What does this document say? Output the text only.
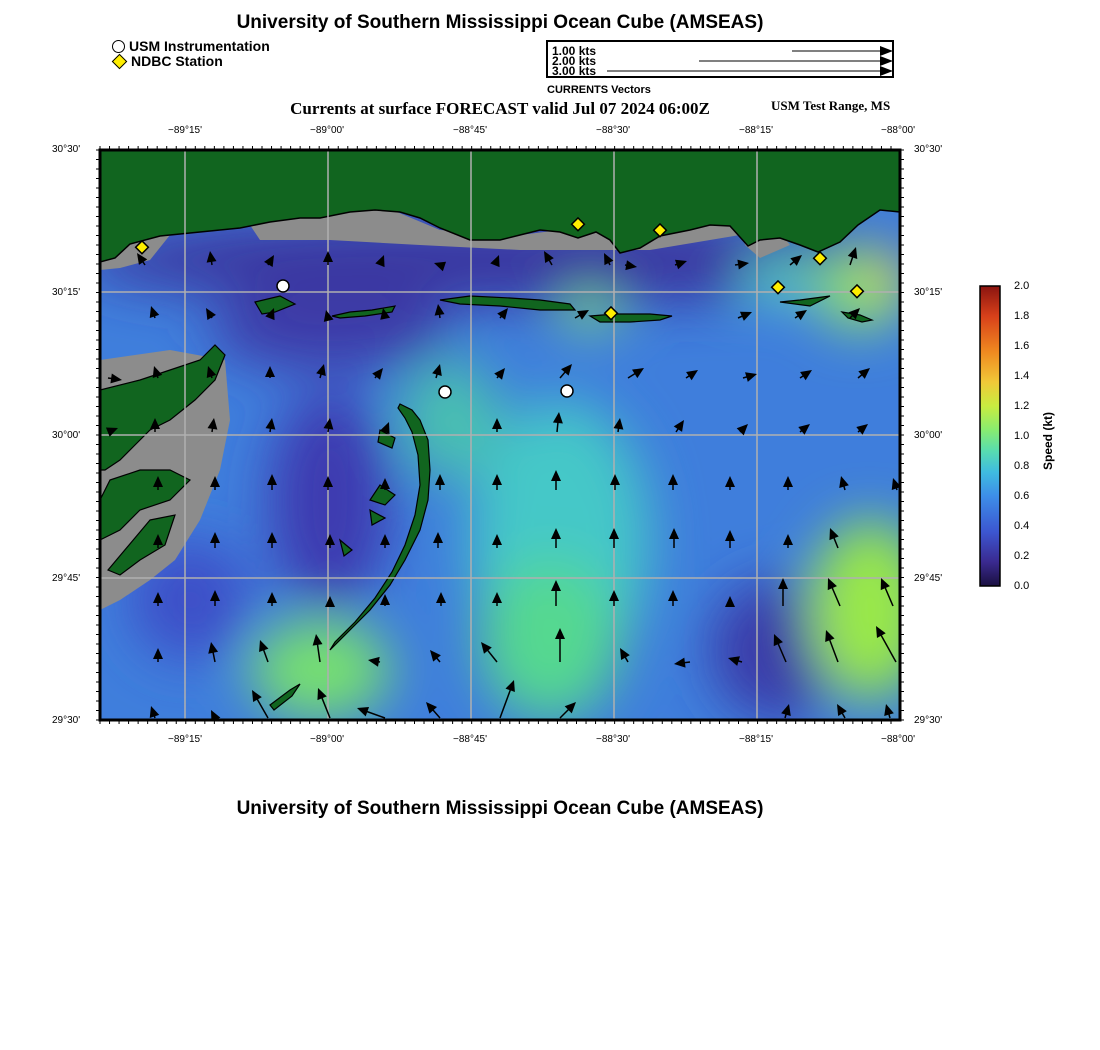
University of Southern Mississippi Ocean Cube (AMSEAS)
USM Instrumentation
NDBC Station
1.00 kts
2.00 kts
3.00 kts
CURRENTS Vectors
Currents at surface FORECAST valid Jul 07 2024 06:00Z	USM Test Range, MS
−89°15'	−89°00'	−88°45'	−88°30'	−88°15'	−88°00'
−89°15'	−89°00'	−88°45'	−88°30'	−88°15'	−88°00'
30°30'
30°15'
30°00'
29°45'
29°30'
30°30'
30°15'
30°00'
29°45'
29°30'
0.0
0.2
0.4
0.6
0.8
1.0
1.2
1.4
1.6
1.8
2.0
Speed (kt)
University of Southern Mississippi Ocean Cube (AMSEAS)
